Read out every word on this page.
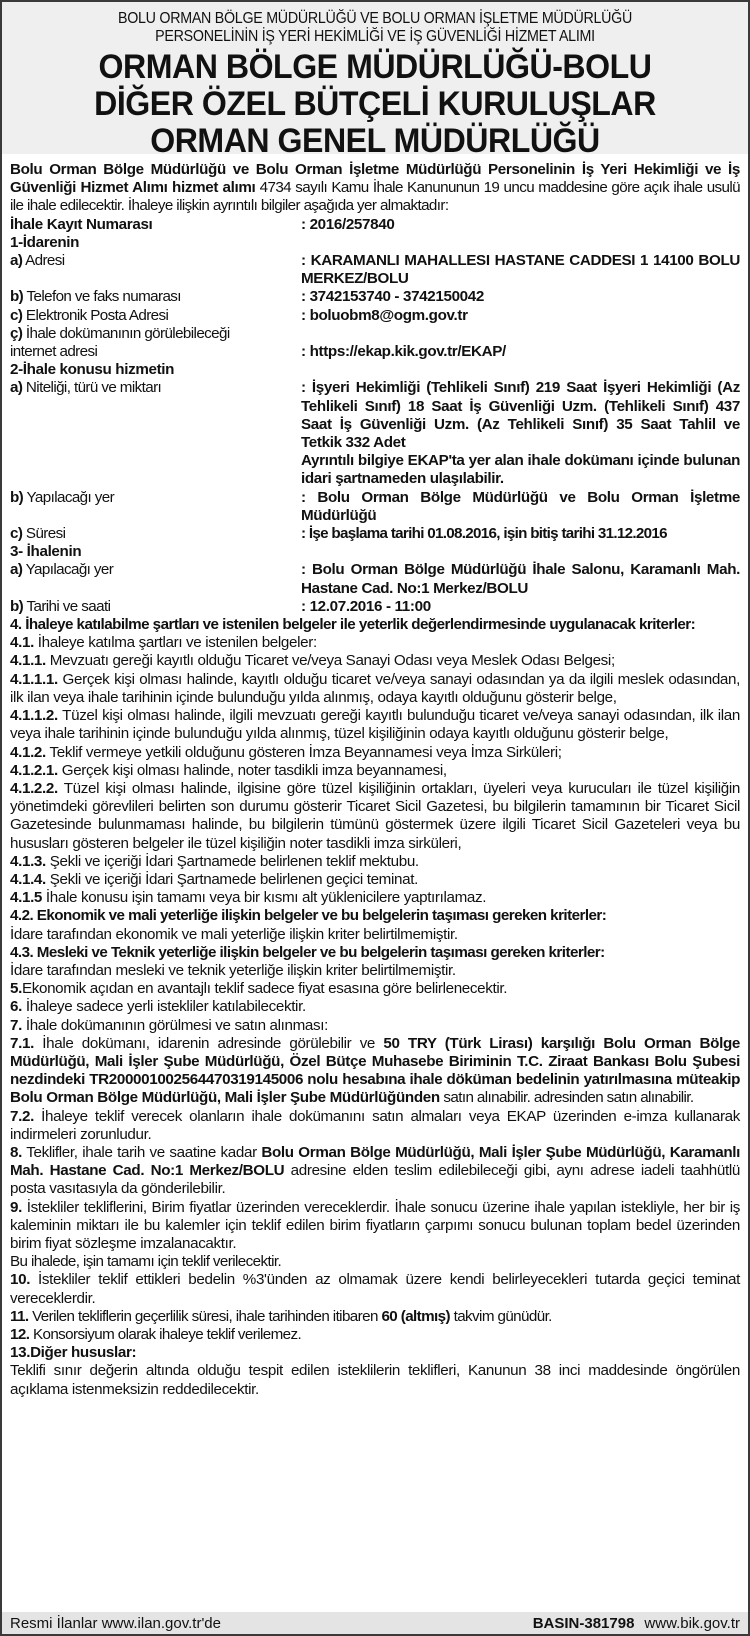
BOLU ORMAN BÖLGE MÜDÜRLÜĞÜ VE BOLU ORMAN İŞLETME MÜDÜRLÜĞÜ
PERSONELİNİN İŞ YERİ HEKİMLİĞİ VE İŞ GÜVENLİĞİ HİZMET ALIMI
ORMAN BÖLGE MÜDÜRLÜĞÜ-BOLU
DİĞER ÖZEL BÜTÇELİ KURULUŞLAR
ORMAN GENEL MÜDÜRLÜĞÜ

Bolu Orman Bölge Müdürlüğü ve Bolu Orman İşletme Müdürlüğü Personelinin İş Yeri Hekimliği ve İş Güvenliği Hizmet Alımı hizmet alımı 4734 sayılı Kamu İhale Kanununun 19 uncu maddesine göre açık ihale usulü ile ihale edilecektir. İhaleye ilişkin ayrıntılı bilgiler aşağıda yer almaktadır:

İhale Kayıt Numarası	: 2016/257840
1-İdarenin
a) Adresi	: KARAMANLI MAHALLESI HASTANE CADDESI 1 14100 BOLU MERKEZ/BOLU
b) Telefon ve faks numarası	: 3742153740 - 3742150042
c) Elektronik Posta Adresi	: boluobm8@ogm.gov.tr
ç) İhale dokümanının görülebileceği internet adresi	: https://ekap.kik.gov.tr/EKAP/
2-İhale konusu hizmetin
a) Niteliği, türü ve miktarı	: İşyeri Hekimliği (Tehlikeli Sınıf) 219 Saat İşyeri Hekimliği (Az Tehlikeli Sınıf) 18 Saat İş Güvenliği Uzm. (Tehlikeli Sınıf) 437 Saat İş Güvenliği Uzm. (Az Tehlikeli Sınıf) 35 Saat Tahlil ve Tetkik 332 Adet
Ayrıntılı bilgiye EKAP'ta yer alan ihale dokümanı içinde bulunan idari şartnameden ulaşılabilir.
b) Yapılacağı yer	: Bolu Orman Bölge Müdürlüğü ve Bolu Orman İşletme Müdürlüğü
c) Süresi	: İşe başlama tarihi 01.08.2016, işin bitiş tarihi 31.12.2016
3- İhalenin
a) Yapılacağı yer	: Bolu Orman Bölge Müdürlüğü İhale Salonu, Karamanlı Mah. Hastane Cad. No:1 Merkez/BOLU
b) Tarihi ve saati	: 12.07.2016 - 11:00

4. İhaleye katılabilme şartları ve istenilen belgeler ile yeterlik değerlendirmesinde uygulanacak kriterler:

4.1. İhaleye katılma şartları ve istenilen belgeler:

4.1.1. Mevzuatı gereği kayıtlı olduğu Ticaret ve/veya Sanayi Odası veya Meslek Odası Belgesi;

4.1.1.1. Gerçek kişi olması halinde, kayıtlı olduğu ticaret ve/veya sanayi odasından ya da ilgili meslek odasından, ilk ilan veya ihale tarihinin içinde bulunduğu yılda alınmış, odaya kayıtlı olduğunu gösterir belge,

4.1.1.2. Tüzel kişi olması halinde, ilgili mevzuatı gereği kayıtlı bulunduğu ticaret ve/veya sanayi odasından, ilk ilan veya ihale tarihinin içinde bulunduğu yılda alınmış, tüzel kişiliğinin odaya kayıtlı olduğunu gösterir belge,

4.1.2. Teklif vermeye yetkili olduğunu gösteren İmza Beyannamesi veya İmza Sirküleri;

4.1.2.1. Gerçek kişi olması halinde, noter tasdikli imza beyannamesi,

4.1.2.2. Tüzel kişi olması halinde, ilgisine göre tüzel kişiliğinin ortakları, üyeleri veya kurucuları ile tüzel kişiliğin yönetimdeki görevlileri belirten son durumu gösterir Ticaret Sicil Gazetesi, bu bilgilerin tamamının bir Ticaret Sicil Gazetesinde bulunmaması halinde, bu bilgilerin tümünü göstermek üzere ilgili Ticaret Sicil Gazeteleri veya bu hususları gösteren belgeler ile tüzel kişiliğin noter tasdikli imza sirküleri,

4.1.3. Şekli ve içeriği İdari Şartnamede belirlenen teklif mektubu.

4.1.4. Şekli ve içeriği İdari Şartnamede belirlenen geçici teminat.

4.1.5 İhale konusu işin tamamı veya bir kısmı alt yüklenicilere yaptırılamaz.

4.2. Ekonomik ve mali yeterliğe ilişkin belgeler ve bu belgelerin taşıması gereken kriterler:

İdare tarafından ekonomik ve mali yeterliğe ilişkin kriter belirtilmemiştir.

4.3. Mesleki ve Teknik yeterliğe ilişkin belgeler ve bu belgelerin taşıması gereken kriterler:

İdare tarafından mesleki ve teknik yeterliğe ilişkin kriter belirtilmemiştir.

5.Ekonomik açıdan en avantajlı teklif sadece fiyat esasına göre belirlenecektir.

6. İhaleye sadece yerli istekliler katılabilecektir.

7. İhale dokümanının görülmesi ve satın alınması:

7.1. İhale dokümanı, idarenin adresinde görülebilir ve 50 TRY (Türk Lirası) karşılığı Bolu Orman Bölge Müdürlüğü, Mali İşler Şube Müdürlüğü, Özel Bütçe Muhasebe Biriminin T.C. Ziraat Bankası Bolu Şubesi nezdindeki TR200001002564470319145006 nolu hesabına ihale döküman bedelinin yatırılmasına müteakip Bolu Orman Bölge Müdürlüğü, Mali İşler Şube Müdürlüğünden satın alınabilir. adresinden satın alınabilir.

7.2. İhaleye teklif verecek olanların ihale dokümanını satın almaları veya EKAP üzerinden e-imza kullanarak indirmeleri zorunludur.

8. Teklifler, ihale tarih ve saatine kadar Bolu Orman Bölge Müdürlüğü, Mali İşler Şube Müdürlüğü, Karamanlı Mah. Hastane Cad. No:1 Merkez/BOLU adresine elden teslim edilebileceği gibi, aynı adrese iadeli taahhütlü posta vasıtasıyla da gönderilebilir.

9. İstekliler tekliflerini, Birim fiyatlar üzerinden vereceklerdir. İhale sonucu üzerine ihale yapılan istekliyle, her bir iş kaleminin miktarı ile bu kalemler için teklif edilen birim fiyatların çarpımı sonucu bulunan toplam bedel üzerinden birim fiyat sözleşme imzalanacaktır.

Bu ihalede, işin tamamı için teklif verilecektir.

10. İstekliler teklif ettikleri bedelin %3'ünden az olmamak üzere kendi belirleyecekleri tutarda geçici teminat vereceklerdir.

11. Verilen tekliflerin geçerlilik süresi, ihale tarihinden itibaren 60 (altmış) takvim günüdür.

12. Konsorsiyum olarak ihaleye teklif verilemez.

13.Diğer hususlar:

Teklifi sınır değerin altında olduğu tespit edilen isteklilerin teklifleri, Kanunun 38 inci maddesinde öngörülen açıklama istenmeksizin reddedilecektir.

Resmi İlanlar www.ilan.gov.tr'de	BASIN-381798 www.bik.gov.tr
